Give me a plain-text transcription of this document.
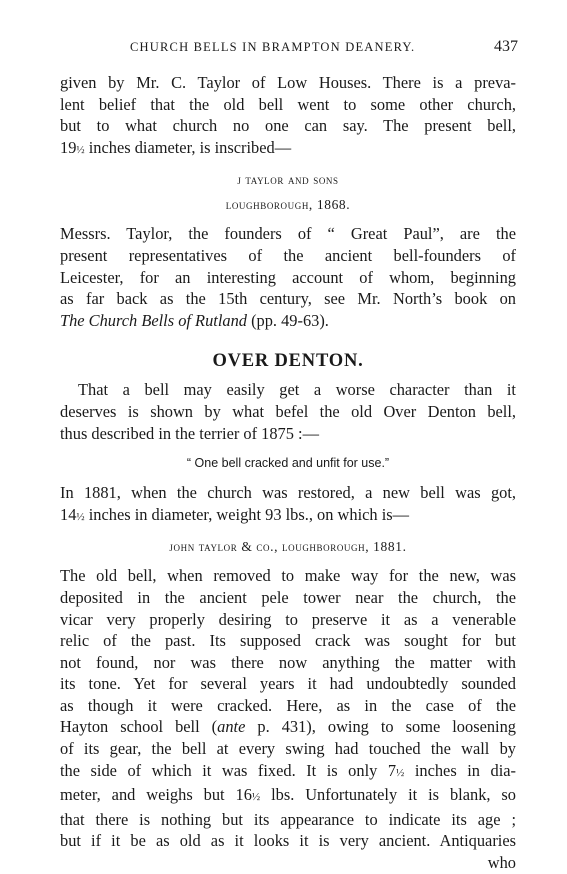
CHURCH BELLS IN BRAMPTON DEANERY.	437

given by Mr. C. Taylor of Low Houses. There is a preva-
lent belief that the old bell went to some other church,
but to what church no one can say. The present bell,
19½ inches diameter, is inscribed—

j taylor and sons
loughborough, 1868.

Messrs. Taylor, the founders of “ Great Paul”, are the
present representatives of the ancient bell-founders of
Leicester, for an interesting account of whom, beginning
as far back as the 15th century, see Mr. North’s book on
The Church Bells of Rutland (pp. 49-63).

OVER DENTON.

That a bell may easily get a worse character than it
deserves is shown by what befel the old Over Denton bell,
thus described in the terrier of 1875 :—

“ One bell cracked and unfit for use.”

In 1881, when the church was restored, a new bell was got,
14½ inches in diameter, weight 93 lbs., on which is—

john taylor & co., loughborough, 1881.

The old bell, when removed to make way for the new, was
deposited in the ancient pele tower near the church, the
vicar very properly desiring to preserve it as a venerable
relic of the past. Its supposed crack was sought for but
not found, nor was there now anything the matter with
its tone. Yet for several years it had undoubtedly sounded
as though it were cracked. Here, as in the case of the
Hayton school bell (ante p. 431), owing to some loosening
of its gear, the bell at every swing had touched the wall by
the side of which it was fixed. It is only 7½ inches in dia-
meter, and weighs but 16½ lbs. Unfortunately it is blank, so
that there is nothing but its appearance to indicate its age ;
but if it be as old as it looks it is very ancient. Antiquaries

who
